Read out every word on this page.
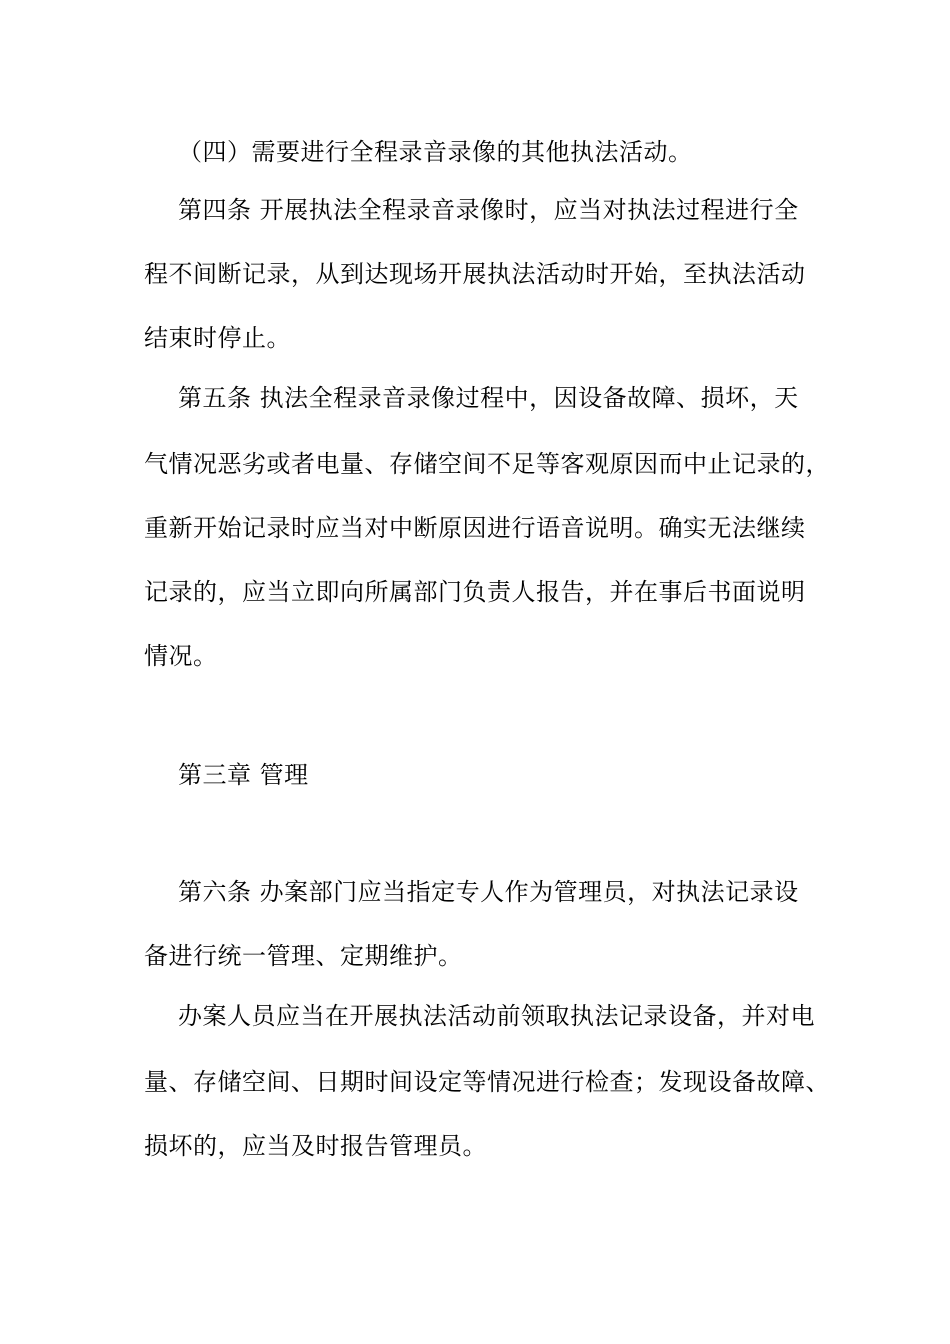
（四）需要进行全程录音录像的其他执法活动。
第四条 开展执法全程录音录像时，应当对执法过程进行全
程不间断记录，从到达现场开展执法活动时开始，至执法活动
结束时停止。
第五条 执法全程录音录像过程中，因设备故障、损坏，天
气情况恶劣或者电量、存储空间不足等客观原因而中止记录的，
重新开始记录时应当对中断原因进行语音说明。确实无法继续
记录的，应当立即向所属部门负责人报告，并在事后书面说明
情况。
第三章 管理
第六条 办案部门应当指定专人作为管理员，对执法记录设
备进行统一管理、定期维护。
办案人员应当在开展执法活动前领取执法记录设备，并对电
量、存储空间、日期时间设定等情况进行检查；发现设备故障、
损坏的，应当及时报告管理员。
